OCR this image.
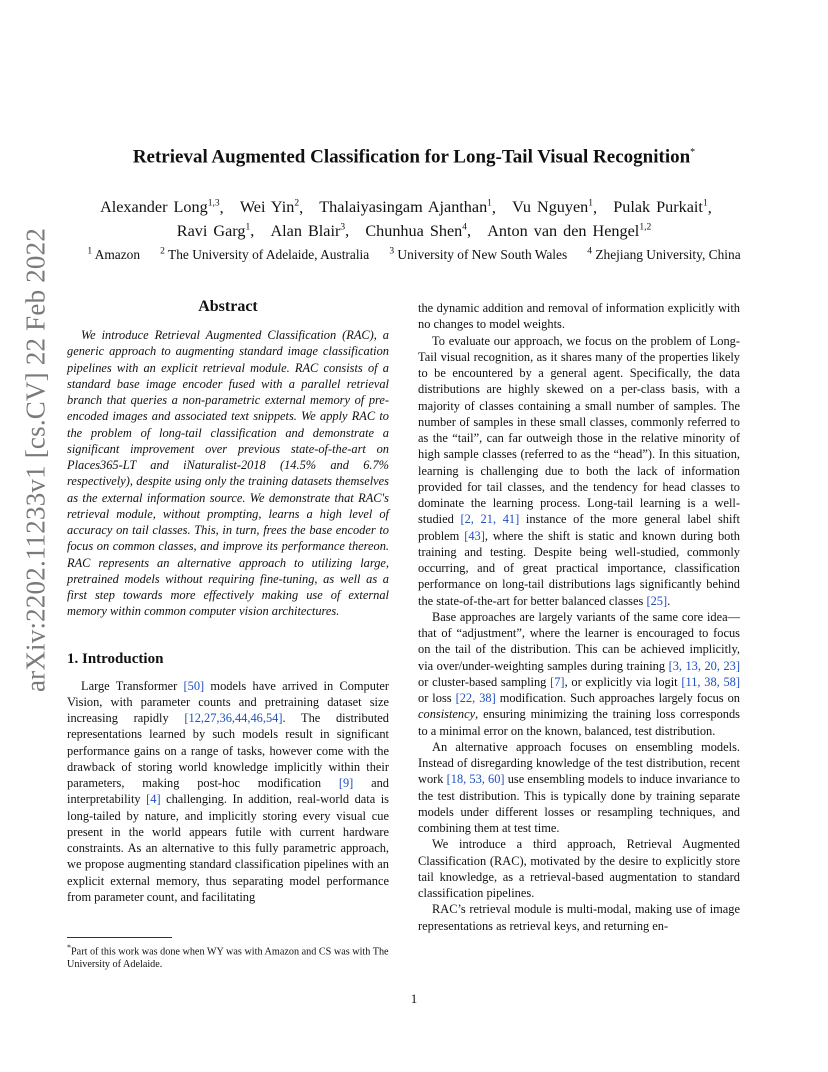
arXiv:2202.11233v1 [cs.CV] 22 Feb 2022
Retrieval Augmented Classification for Long-Tail Visual Recognition*
Alexander Long$^{1,3}$, Wei Yin$^2$, Thalaiyasingam Ajanthan$^1$, Vu Nguyen$^1$, Pulak Purkait$^1$, 
Ravi Garg$^1$, Alan Blair$^3$, Chunhua Shen$^4$, Anton van den Hengel$^{1,2}$
$^1$ Amazon   $^2$ The University of Adelaide, Australia   $^3$ University of New South Wales   $^4$ Zhejiang University, China
Abstract

We introduce Retrieval Augmented Classification (RAC), a generic approach to augmenting standard image classification pipelines with an explicit retrieval module. RAC consists of a standard base image encoder fused with a parallel retrieval branch that queries a non-parametric external memory of pre-encoded images and associated text snippets. We apply RAC to the problem of long-tail classification and demonstrate a significant improvement over previous state-of-the-art on Places365-LT and iNaturalist-2018 (14.5% and 6.7% respectively), despite using only the training datasets themselves as the external information source. We demonstrate that RAC's retrieval module, without prompting, learns a high level of accuracy on tail classes. This, in turn, frees the base encoder to focus on common classes, and improve its performance thereon. RAC represents an alternative approach to utilizing large, pretrained models without requiring fine-tuning, as well as a first step towards more effectively making use of external memory within common computer vision architectures.

1. Introduction

Large Transformer [50] models have arrived in Computer Vision, with parameter counts and pretraining dataset size increasing rapidly [12,27,36,44,46,54]. The distributed representations learned by such models result in significant performance gains on a range of tasks, however come with the drawback of storing world knowledge implicitly within their parameters, making post-hoc modification [9] and interpretability [4] challenging. In addition, real-world data is long-tailed by nature, and implicitly storing every visual cue present in the world appears futile with current hardware constraints. As an alternative to this fully parametric approach, we propose augmenting standard classification pipelines with an explicit external memory, thus separating model performance from parameter count, and facilitating

the dynamic addition and removal of information explicitly with no changes to model weights.

To evaluate our approach, we focus on the problem of Long-Tail visual recognition, as it shares many of the properties likely to be encountered by a general agent. Specifically, the data distributions are highly skewed on a per-class basis, with a majority of classes containing a small number of samples. The number of samples in these small classes, commonly referred to as the “tail”, can far outweigh those in the relative minority of high sample classes (referred to as the “head”). In this situation, learning is challenging due to both the lack of information provided for tail classes, and the tendency for head classes to dominate the learning process. Long-tail learning is a well-studied [2, 21, 41] instance of the more general label shift problem [43], where the shift is static and known during both training and testing. Despite being well-studied, commonly occurring, and of great practical importance, classification performance on long-tail distributions lags significantly behind the state-of-the-art for better balanced classes [25].

Base approaches are largely variants of the same core idea—that of “adjustment”, where the learner is encouraged to focus on the tail of the distribution. This can be achieved implicitly, via over/under-weighting samples during training [3, 13, 20, 23] or cluster-based sampling [7], or explicitly via logit [11, 38, 58] or loss [22, 38] modification. Such approaches largely focus on consistency, ensuring minimizing the training loss corresponds to a minimal error on the known, balanced, test distribution.

An alternative approach focuses on ensembling models. Instead of disregarding knowledge of the test distribution, recent work [18, 53, 60] use ensembling models to induce invariance to the test distribution. This is typically done by training separate models under different losses or resampling techniques, and combining them at test time.

We introduce a third approach, Retrieval Augmented Classification (RAC), motivated by the desire to explicitly store tail knowledge, as a retrieval-based augmentation to standard classification pipelines.

RAC’s retrieval module is multi-modal, making use of image representations as retrieval keys, and returning en-

*Part of this work was done when WY was with Amazon and CS was with The University of Adelaide.
1
